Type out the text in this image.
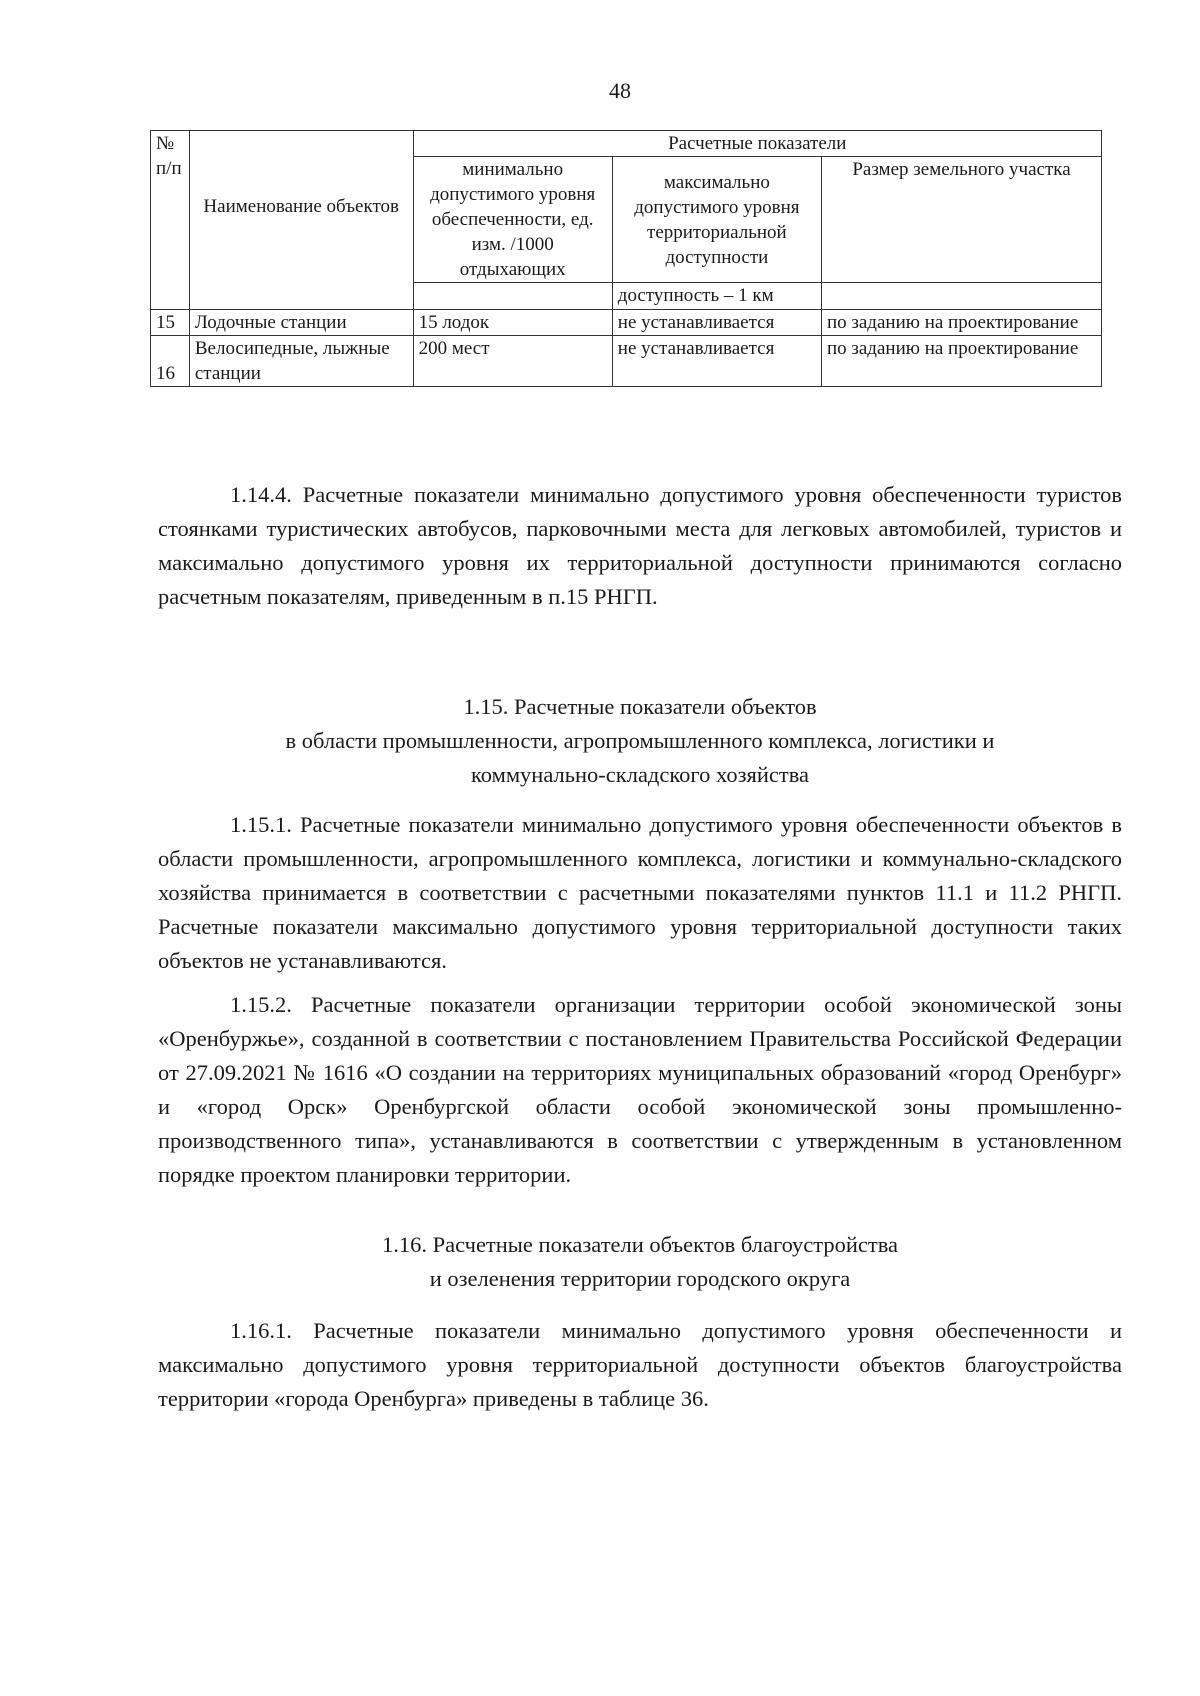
48
№ п/п	Наименование объектов	Расчетные показатели		
		минимально допустимого уровня обеспеченности, ед. изм. /1000 отдыхающих	максимально допустимого уровня территориальной доступности	Размер земельного участка
			доступность – 1 км	
15	Лодочные станции	15 лодок	не устанавливается	по заданию на проектирование
16	Велосипедные, лыжные станции	200 мест	не устанавливается	по заданию на проектирование

1.14.4. Расчетные показатели минимально допустимого уровня обеспеченности туристов стоянками туристических автобусов, парковочными места для легковых автомобилей, туристов и максимально допустимого уровня их территориальной доступности принимаются согласно расчетным показателям, приведенным в п.15 РНГП.

1.15. Расчетные показатели объектов
в области промышленности, агропромышленного комплекса, логистики и
коммунально-складского хозяйства

1.15.1. Расчетные показатели минимально допустимого уровня обеспеченности объектов в области промышленности, агропромышленного комплекса, логистики и коммунально-складского хозяйства принимается в соответствии с расчетными показателями пунктов 11.1 и 11.2 РНГП. Расчетные показатели максимально допустимого уровня территориальной доступности таких объектов не устанавливаются.

1.15.2. Расчетные показатели организации территории особой экономической зоны «Оренбуржье», созданной в соответствии с постановлением Правительства Российской Федерации от 27.09.2021 № 1616 «О создании на территориях муниципальных образований «город Оренбург» и «город Орск» Оренбургской области особой экономической зоны промышленно-производственного типа», устанавливаются в соответствии с утвержденным в установленном порядке проектом планировки территории.

1.16. Расчетные показатели объектов благоустройства
и озеленения территории городского округа

1.16.1. Расчетные показатели минимально допустимого уровня обеспеченности и максимально допустимого уровня территориальной доступности объектов благоустройства территории «города Оренбурга» приведены в таблице 36.
